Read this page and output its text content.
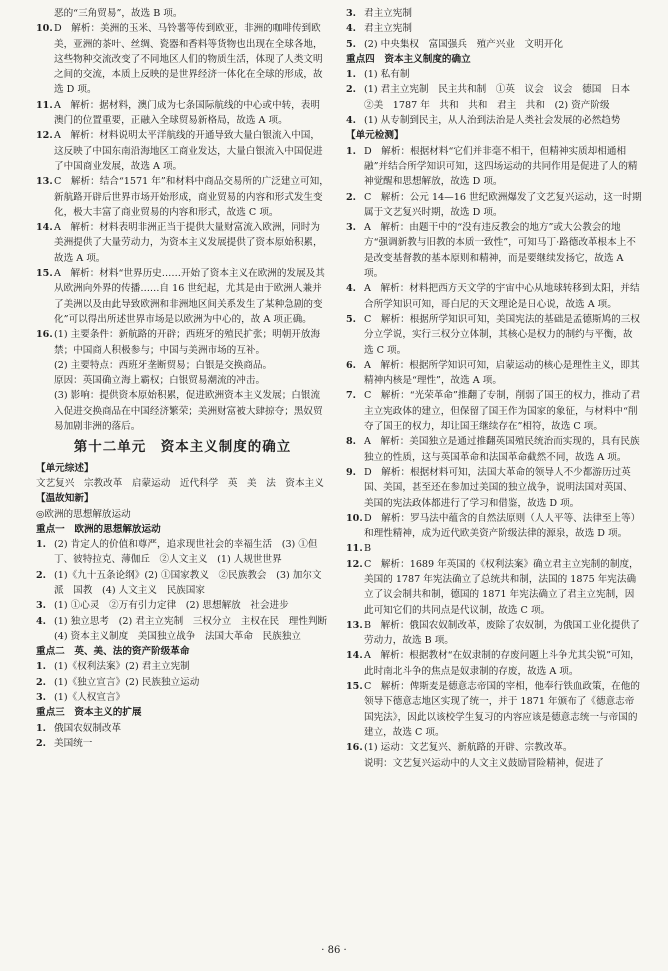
恶的“三角贸易”，故选 B 项。

10. D　解析：美洲的玉米、马铃薯等传到欧亚，非洲的咖啡传到欧美，亚洲的茶叶、丝绸、瓷器和香料等货物也出现在全球各地，这些物种交流改变了不同地区人们的物质生活，体现了人类文明之间的交流，本质上反映的是世界经济一体化在全球的形成，故选 D 项。

11. A　解析：据材料，澳门成为七条国际航线的中心或中转，表明澳门的位置重要，正融入全球贸易新格局，故选 A 项。

12. A　解析：材料说明太平洋航线的开通导致大量白银流入中国，这反映了中国东南沿海地区工商业发达，大量白银流入中国促进了中国商业发展，故选 A 项。

13. C　解析：结合“1571 年”和材料中商品交易所的广泛建立可知，新航路开辟后世界市场开始形成，商业贸易的内容和形式发生变化，极大丰富了商业贸易的内容和形式，故选 C 项。

14. A　解析：材料表明非洲正当于提供大量财富流入欧洲，同时为美洲提供了大量劳动力，为资本主义发展提供了资本原始积累，故选 A 项。

15. A　解析：材料“世界历史……开始了资本主义在欧洲的发展及其从欧洲向外界的传播……自 16 世纪起，尤其是由于欧洲人兼并了美洲以及由此导致欧洲和非洲地区间关系发生了某种急剧的变化”可以得出所述世界市场是以欧洲为中心的，故 A 项正确。

16. (1) 主要条件：新航路的开辟；西班牙的殖民扩张；明朝开放海禁；中国商人积极参与；中国与美洲市场的互补。

(2) 主要特点：西班牙垄断贸易；白银是交换商品。

原因：英国确立海上霸权；白银贸易潮流的冲击。

(3) 影响：提供资本原始积累，促进欧洲资本主义发展；白银流入促进交换商品在中国经济繁荣；美洲财富被大肆掠夺；黑奴贸易加剧非洲的落后。

第十二单元　资本主义制度的确立

【单元综述】

文艺复兴　宗教改革　启蒙运动　近代科学　英　美　法　资本主义

【温故知新】

◎欧洲的思想解放运动

重点一　欧洲的思想解放运动

1. (2) 肯定人的价值和尊严，追求现世社会的幸福生活　(3) ①但丁、彼特拉克、薄伽丘　②人文主义　(1) 人规世世界

2. (1)《九十五条论纲》(2) ①国家教义　②民族教会　(3) 加尔文派　国教　(4) 人文主义　民族国家

3. (1) ①心灵　②万有引力定律　(2) 思想解放　社会进步

4. (1) 独立思考　(2) 君主立宪制　三权分立　主权在民　理性判断　(4) 资本主义制度　美国独立战争　法国大革命　民族独立

重点二　英、美、法的资产阶级革命

1. (1)《权利法案》(2) 君主立宪制

2. (1)《独立宣言》(2) 民族独立运动

3. (1)《人权宣言》

重点三　资本主义的扩展

1. 俄国农奴制改革

2. 美国统一

3. 君主立宪制

4. 君主立宪制

5. (2) 中央集权　富国强兵　殖产兴业　文明开化

重点四　资本主义制度的确立

1. (1) 私有制

2. (1) 君主立宪制　民主共和制　①英　议会　议会　德国　日本　②美　1787 年　共和　共和　君主　共和　(2) 资产阶级

4. (1) 从专制到民主，从人治到法治是人类社会发展的必然趋势

【单元检测】

1. D　解析：根据材料“它们并非毫不相干，但精神实质却相通相融”并结合所学知识可知，这四场运动的共同作用是促进了人的精神觉醒和思想解放，故选 D 项。

2. C　解析：公元 14—16 世纪欧洲爆发了文艺复兴运动，这一时期属于文艺复兴时期，故选 D 项。

3. A　解析：由题干中的“没有违反教会的地方”或大公教会的地方“强调新教与旧教的本质一致性”，可知马丁·路德改革根本上不是改变基督教的基本原则和精神，而是要继续发扬它，故选 A 项。

4. A　解析：材料把西方天文学的宇宙中心从地球转移到太阳，并结合所学知识可知，哥白尼的天文理论是日心说，故选 A 项。

5. C　解析：根据所学知识可知，美国宪法的基础是孟德斯鸠的三权分立学说，实行三权分立体制，其核心是权力的制约与平衡，故选 C 项。

6. A　解析：根据所学知识可知，启蒙运动的核心是理性主义，即其精神内核是“理性”，故选 A 项。

7. C　解析：“光荣革命”推翻了专制，削弱了国王的权力，推动了君主立宪政体的建立，但保留了国王作为国家的象征，与材料中“削夺了国王的权力，却让国王继续存在”相符，故选 C 项。

8. A　解析：美国独立是通过推翻英国殖民统治而实现的，具有民族独立的性质，这与英国革命和法国革命截然不同，故选 A 项。

9. D　解析：根据材料可知，法国大革命的领导人不少都游历过英国、美国，甚至还在参加过美国的独立战争，说明法国对英国、美国的宪法政体都进行了学习和借鉴，故选 D 项。

10. D　解析：罗马法中蕴含的自然法原则（人人平等、法律至上等）和理性精神，成为近代欧美资产阶级法律的源泉，故选 D 项。

11. B

12. C　解析：1689 年英国的《权利法案》确立君主立宪制的制度，美国的 1787 年宪法确立了总统共和制，法国的 1875 年宪法确立了议会制共和制，德国的 1871 年宪法确立了君主立宪制，因此可知它们的共同点是代议制，故选 C 项。

13. B　解析：俄国农奴制改革，废除了农奴制，为俄国工业化提供了劳动力，故选 B 项。

14. A　解析：根据教材“在奴隶制的存废问题上斗争尤其尖锐”可知，此时南北斗争的焦点是奴隶制的存废，故选 A 项。

15. C　解析：俾斯麦是德意志帝国的宰相，他奉行铁血政策，在他的领导下德意志地区实现了统一，并于 1871 年颁布了《德意志帝国宪法》，因此以该校学生复习的内容应该是德意志统一与帝国的建立，故选 C 项。

16. (1) 运动：文艺复兴、新航路的开辟、宗教改革。

说明：文艺复兴运动中的人文主义鼓励冒险精神，促进了

· 86 ·
